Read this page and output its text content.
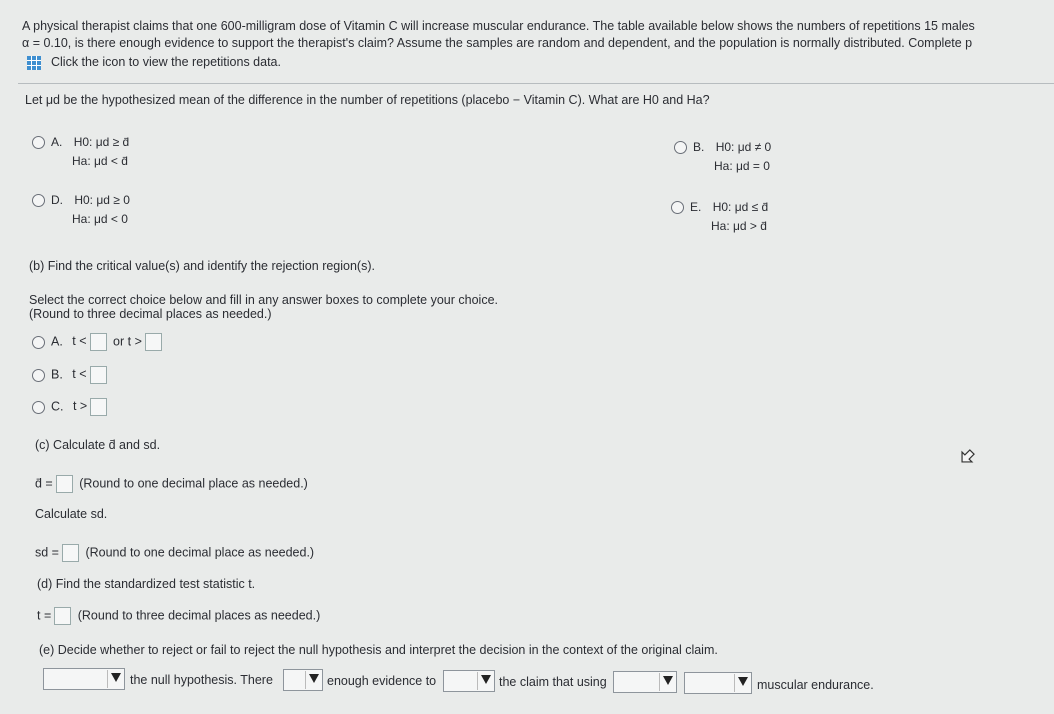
A physical therapist claims that one 600-milligram dose of Vitamin C will increase muscular endurance. The table available below shows the numbers of repetitions 15 males
α = 0.10, is there enough evidence to support the therapist's claim? Assume the samples are random and dependent, and the population is normally distributed. Complete p
Click the icon to view the repetitions data.
Let μd be the hypothesized mean of the difference in the number of repetitions (placebo − Vitamin C). What are H0 and Ha?
A. H0: μd ≥ d̄
Ha: μd < d̄
B. H0: μd ≠ 0
Ha: μd = 0
D. H0: μd ≥ 0
Ha: μd < 0
E. H0: μd ≤ d̄
Ha: μd > d̄
(b) Find the critical value(s) and identify the rejection region(s).
Select the correct choice below and fill in any answer boxes to complete your choice.
(Round to three decimal places as needed.)
A. t < or t >
B. t <
C. t >
(c) Calculate d̄ and sd.
d̄ = (Round to one decimal place as needed.)
Calculate sd.
sd = (Round to one decimal place as needed.)
(d) Find the standardized test statistic t.
t = (Round to three decimal places as needed.)
(e) Decide whether to reject or fail to reject the null hypothesis and interpret the decision in the context of the original claim.
the null hypothesis. There	enough evidence to	the claim that using	muscular endurance.
